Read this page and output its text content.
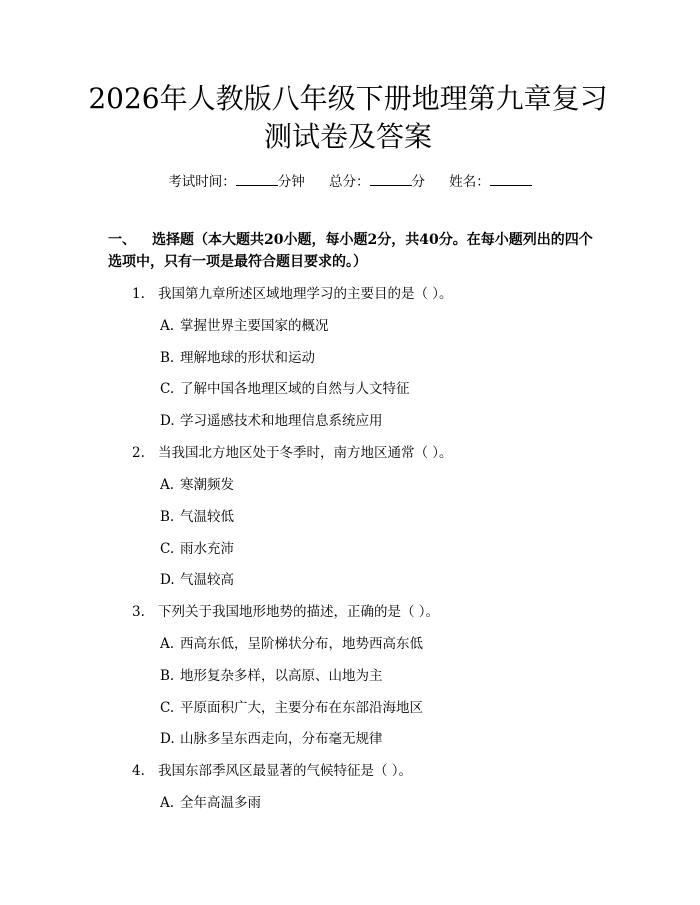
2026年人教版八年级下册地理第九章复习测试卷及答案
考试时间：	分钟 总分：	分 姓名：

一、 选择题（本大题共20小题，每小题2分，共40分。在每小题列出的四个选项中，只有一项是最符合题目要求的。）

1. 我国第九章所述区域地理学习的主要目的是（ ）。
A. 掌握世界主要国家的概况
B. 理解地球的形状和运动
C. 了解中国各地理区域的自然与人文特征
D. 学习遥感技术和地理信息系统应用
2. 当我国北方地区处于冬季时，南方地区通常（ ）。
A. 寒潮频发
B. 气温较低
C. 雨水充沛
D. 气温较高
3. 下列关于我国地形地势的描述，正确的是（ ）。
A. 西高东低，呈阶梯状分布，地势西高东低
B. 地形复杂多样，以高原、山地为主
C. 平原面积广大，主要分布在东部沿海地区
D. 山脉多呈东西走向，分布毫无规律
4. 我国东部季风区最显著的气候特征是（ ）。
A. 全年高温多雨
